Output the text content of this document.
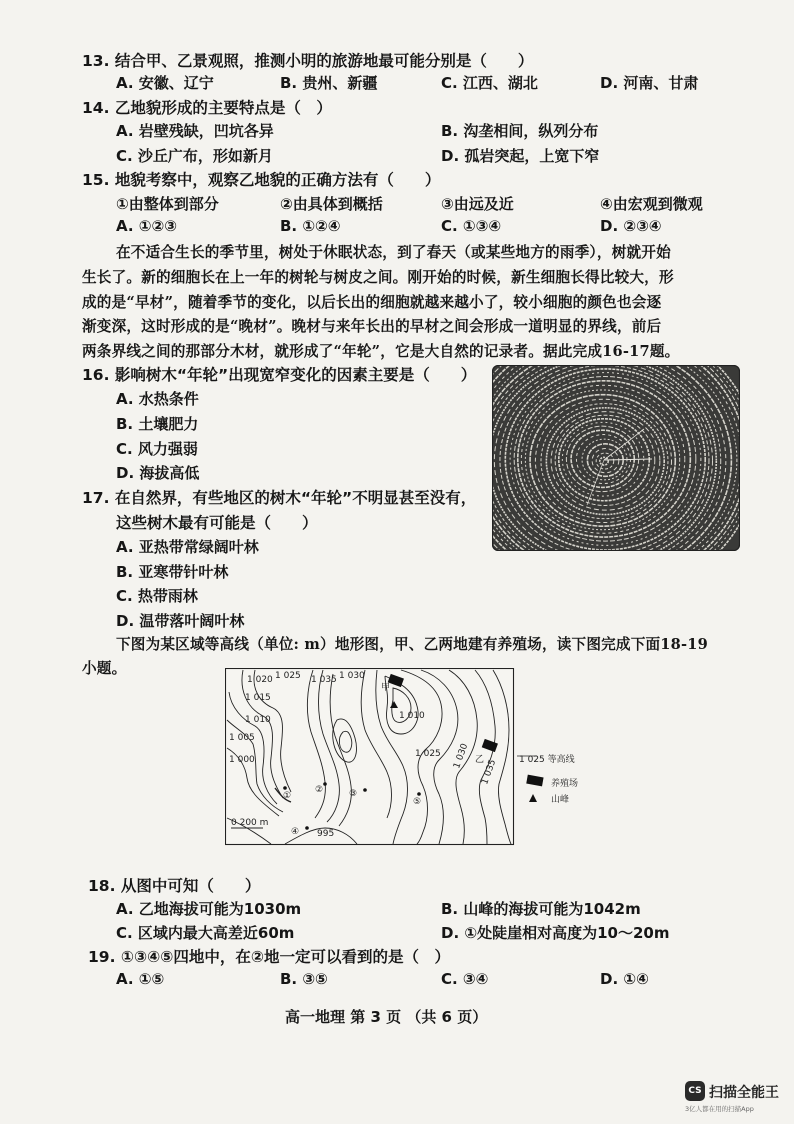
13. 结合甲、乙景观照，推测小明的旅游地最可能分别是（　　）
A. 安徽、辽宁	B. 贵州、新疆	C. 江西、湖北	D. 河南、甘肃
14. 乙地貌形成的主要特点是（　）
A. 岩壁残缺，凹坑各异	B. 沟垄相间，纵列分布
C. 沙丘广布，形如新月	D. 孤岩突起，上宽下窄
15. 地貌考察中，观察乙地貌的正确方法有（　　）
①由整体到部分	②由具体到概括	③由远及近	④由宏观到微观
A. ①②③	B. ①②④	C. ①③④	D. ②③④
在不适合生长的季节里，树处于休眠状态，到了春天（或某些地方的雨季），树就开始
生长了。新的细胞长在上一年的树轮与树皮之间。刚开始的时候，新生细胞长得比较大，形
成的是“早材”，随着季节的变化，以后长出的细胞就越来越小了，较小细胞的颜色也会逐
渐变深，这时形成的是“晚材”。晚材与来年长出的早材之间会形成一道明显的界线，前后
两条界线之间的那部分木材，就形成了“年轮”，它是大自然的记录者。据此完成16-17题。
16. 影响树木“年轮”出现宽窄变化的因素主要是（　　）
A. 水热条件
B. 土壤肥力
C. 风力强弱
D. 海拔高低
17. 在自然界，有些地区的树木“年轮”不明显甚至没有，
这些树木最有可能是（　　）
A. 亚热带常绿阔叶林
B. 亚寒带针叶林
C. 热带雨林
D. 温带落叶阔叶林
下图为某区域等高线（单位: m）地形图，甲、乙两地建有养殖场，读下图完成下面18-19
小题。	1 030
1 025 1 035
1 020
1 015
1 010
1 005
1 000
1 010
1 025 1 030
1 035
995
甲
乙
①
②	③
④
⑤
0 200 m
1 025 等高线
养殖场
山峰
18. 从图中可知（　　）
A. 乙地海拔可能为1030m	B. 山峰的海拔可能为1042m
C. 区域内最大高差近60m	D. ①处陡崖相对高度为10～20m
19. ①③④⑤四地中，在②地一定可以看到的是（　）
A. ①⑤	B. ③⑤	C. ③④	D. ①④
高一地理 第 3 页 （共 6 页）
CS 扫描全能王
3亿人都在用的扫描App
